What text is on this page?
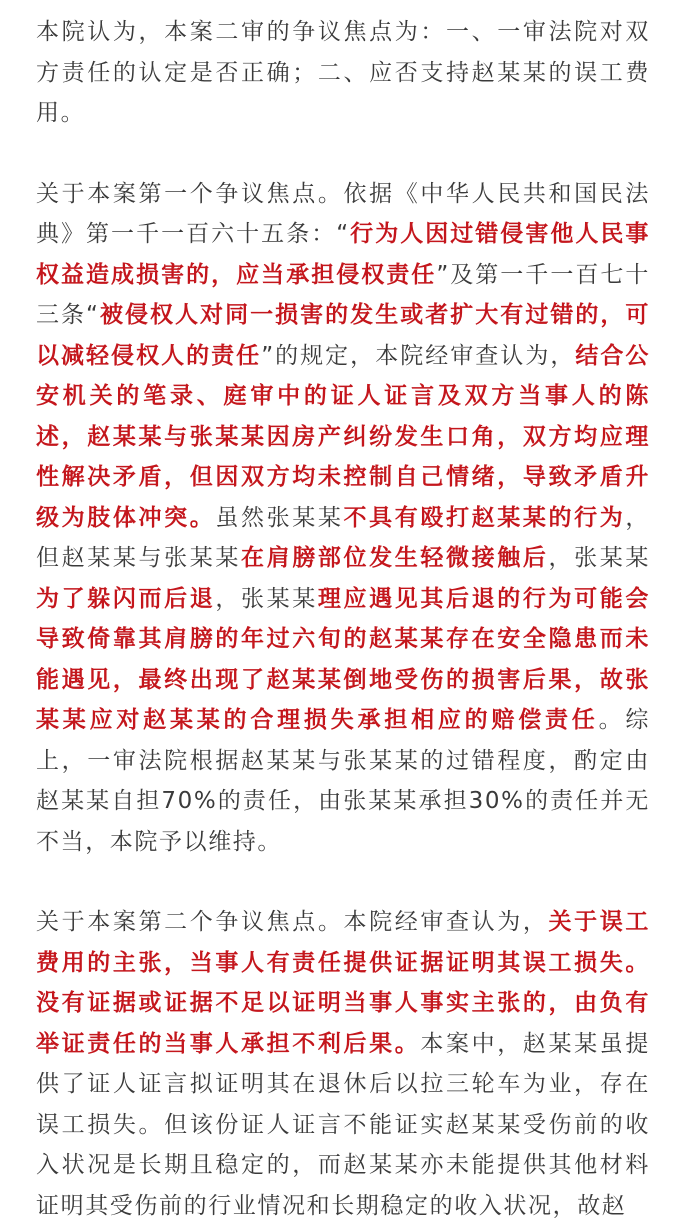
本院认为，本案二审的争议焦点为：一、一审法院对双方责任的认定是否正确；二、应否支持赵某某的误工费用。

关于本案第一个争议焦点。依据《中华人民共和国民法典》第一千一百六十五条：“行为人因过错侵害他人民事权益造成损害的，应当承担侵权责任”及第一千一百七十三条“被侵权人对同一损害的发生或者扩大有过错的，可以减轻侵权人的责任”的规定，本院经审查认为，结合公安机关的笔录、庭审中的证人证言及双方当事人的陈述，赵某某与张某某因房产纠纷发生口角，双方均应理性解决矛盾，但因双方均未控制自己情绪，导致矛盾升级为肢体冲突。虽然张某某不具有殴打赵某某的行为，但赵某某与张某某在肩膀部位发生轻微接触后，张某某为了躲闪而后退，张某某理应遇见其后退的行为可能会导致倚靠其肩膀的年过六旬的赵某某存在安全隐患而未能遇见，最终出现了赵某某倒地受伤的损害后果，故张某某应对赵某某的合理损失承担相应的赔偿责任。综上，一审法院根据赵某某与张某某的过错程度，酌定由赵某某自担70%的责任，由张某某承担30%的责任并无不当，本院予以维持。

关于本案第二个争议焦点。本院经审查认为，关于误工费用的主张，当事人有责任提供证据证明其误工损失。没有证据或证据不足以证明当事人事实主张的，由负有举证责任的当事人承担不利后果。本案中，赵某某虽提供了证人证言拟证明其在退休后以拉三轮车为业，存在误工损失。但该份证人证言不能证实赵某某受伤前的收入状况是长期且稳定的，而赵某某亦未能提供其他材料证明其受伤前的行业情况和长期稳定的收入状况，故赵
